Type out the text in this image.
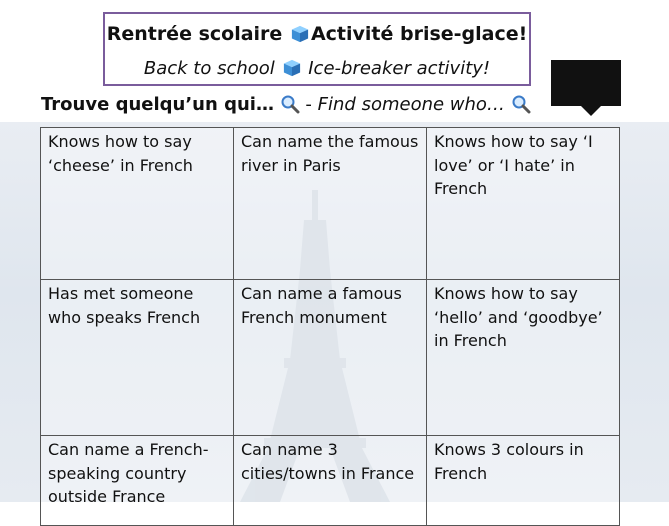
Rentrée scolaire Activité brise-glace!
Back to school Ice-breaker activity!
Trouve quelqu’un qui… - Find someone who…
Knows how to say ‘cheese’ in French	Can name the famous river in Paris	Knows how to say ‘I love’ or ‘I hate’ in French
Has met someone who speaks French	Can name a famous French monument	Knows how to say ‘hello’ and ‘goodbye’ in French
Can name a French-speaking country outside France	Can name 3 cities/towns in France	Knows 3 colours in French
